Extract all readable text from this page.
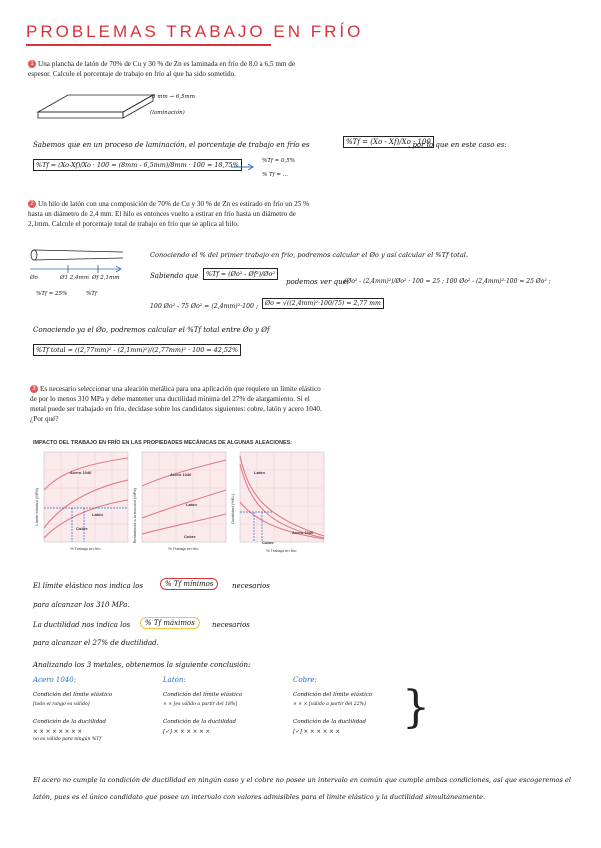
PROBLEMAS TRABAJO EN FRÍO
1 Una plancha de latón de 70% de Cu y 30 % de Zn es laminada en frío de 8,0 a 6,5 mm de espesor. Calcule el porcentaje de trabajo en frío al que ha sido sometido.
8 mm → 6,5mm
(laminación)
Sabemos que en un proceso de laminación, el porcentaje de trabajo en frío es	%Tf = (Xo - Xf)/Xo · 100
, por lo que en este caso es:
%Tf = (Xo-Xf)/Xo · 100 = (8mm - 6,5mm)/8mm · 100 = 18,75%	%Tf = 0,5%
% Tf = ...
2 Un hilo de latón con una composición de 70% de Cu y 30 % de Zn es estirado en frío un 25 % hasta un diámetro de 2,4 mm. El hilo es entonces vuelto a estirar en frío hasta un diámetro de 2,1mm. Calcule el porcentaje total de trabajo en frío que se aplica al hilo.
Øo	Ø1 2,4mm Øf 2,1mm
%Tf = 25%	%Tf
Conociendo el % del primer trabajo en frío, podremos calcular el Øo y así calcular el %Tf total.
Sabiendo que	%Tf = (Øo² - Øf²)/Øo²
podemos ver que:
(Øo² - (2,4mm)²)/Øo² · 100 = 25 ; 100 Øo² - (2,4mm)²·100 = 25 Øo² ;
100 Øo² - 75 Øo² = (2,4mm)²·100 ;	Øo = √((2,4mm)²·100/75) = 2,77 mm
Conociendo ya el Øo, podremos calcular el %Tf total entre Øo y Øf
%Tf total = ((2,77mm)² - (2,1mm)²)/(2,77mm)² · 100 = 42,52%
3 Es necesario seleccionar una aleación metálica para una aplicación que requiere un límite elástico de por lo menos 310 MPa y debe mantener una ductilidad mínima del 27% de alargamiento. Si el metal puede ser trabajado en frío, decídase sobre los candidatos siguientes: cobre, latón y acero 1040. ¿Por qué?
IMPACTO DEL TRABAJO EN FRÍO EN LAS PROPIEDADES MECÁNICAS DE ALGUNAS ALEACIONES:
Límite elástico (MPa)
Acero 1040
Latón
Cobre
% Trabajo en frío
Resistencia a la tracción (MPa)
Acero 1040
Latón
Cobre
% Trabajo en frío
Ductilidad (%EL)
Latón
Acero 1040
Cobre
% Trabajo en frío
El límite elástico nos indica los	% Tf mínimos	necesarios
para alcanzar los 310 MPa.
La ductilidad nos indica los	% Tf máximos	necesarios
para alcanzar el 27% de ductilidad.
Analizando los 3 metales, obtenemos la siguiente conclusión:
Acero 1040:
Condición del límite elástico
[todo el rango es válido]
Condición de la ductilidad
× × × × × × × ×
no es válido para ningún %Tf
Latón:
Condición del límite elástico
× × [es válido a partir del 18%]
Condición de la ductilidad
[✓] × × × × × ×
Cobre:
Condición del límite elástico
× × × [válido a partir del 22%]
Condición de la ductilidad
[✓] × × × × × ×	}
El acero no cumple la condición de ductilidad en ningún caso y el cobre no posee un intervalo en común que cumple ambas condiciones, así que escogeremos el latón, pues es el único candidato que posee un intervalo con valores admisibles para el límite elástico y la ductilidad simultáneamente.
